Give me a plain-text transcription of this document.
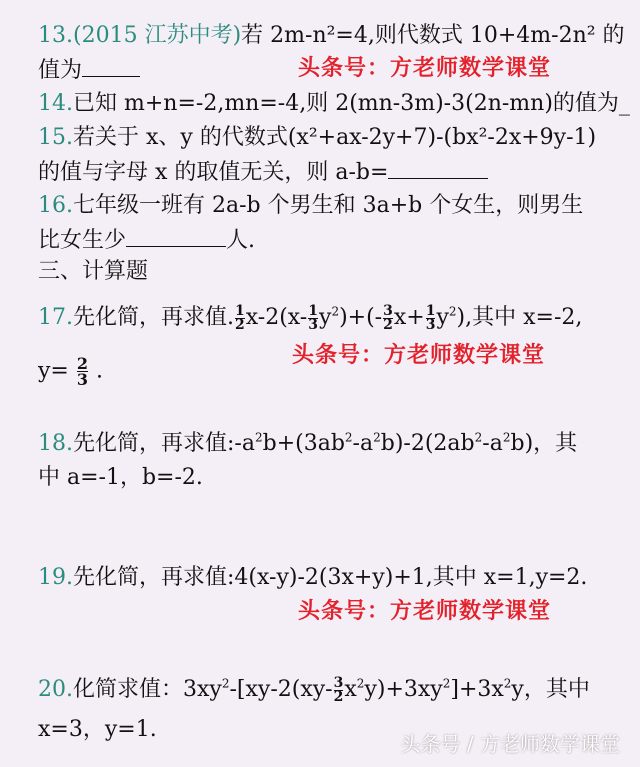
13.(2015 江苏中考)若 2m-n²=4,则代数式 10+4m-2n² 的
值为	头条号：方老师数学课堂
14.已知 m+n=-2,mn=-4,则 2(mn-3m)-3(2n-mn)的值为_
15.若关于 x、y 的代数式(x²+ax-2y+7)-(bx²-2x+9y-1)
的值与字母 x 的取值无关，则 a-b=
16.七年级一班有 2a-b 个男生和 3a+b 个女生，则男生
比女生少	人.
三、计算题
17.先化简，再求值. $\frac{1}{2} x-2(x- \frac{1}{3} y^2)+(- \frac{3}{2} x+ \frac{1}{3} y^2)$,其中 x=-2,
头条号：方老师数学课堂
$y= \frac{2}{3}$ .
18.先化简，再求值$:-a^2b+(3ab^2-a^2b)-2(2ab^2-a^2b)$，其
中 a=-1，b=-2.
19.先化简，再求值:4(x-y)-2(3x+y)+1,其中 x=1,y=2.
头条号：方老师数学课堂
20.化简求值：$3xy^2-[xy-2(xy- \frac{3}{2} x^2y)+3xy^2]+3x^2y$，其中
x=3，y=1.
头条号 / 方老师数学课堂
